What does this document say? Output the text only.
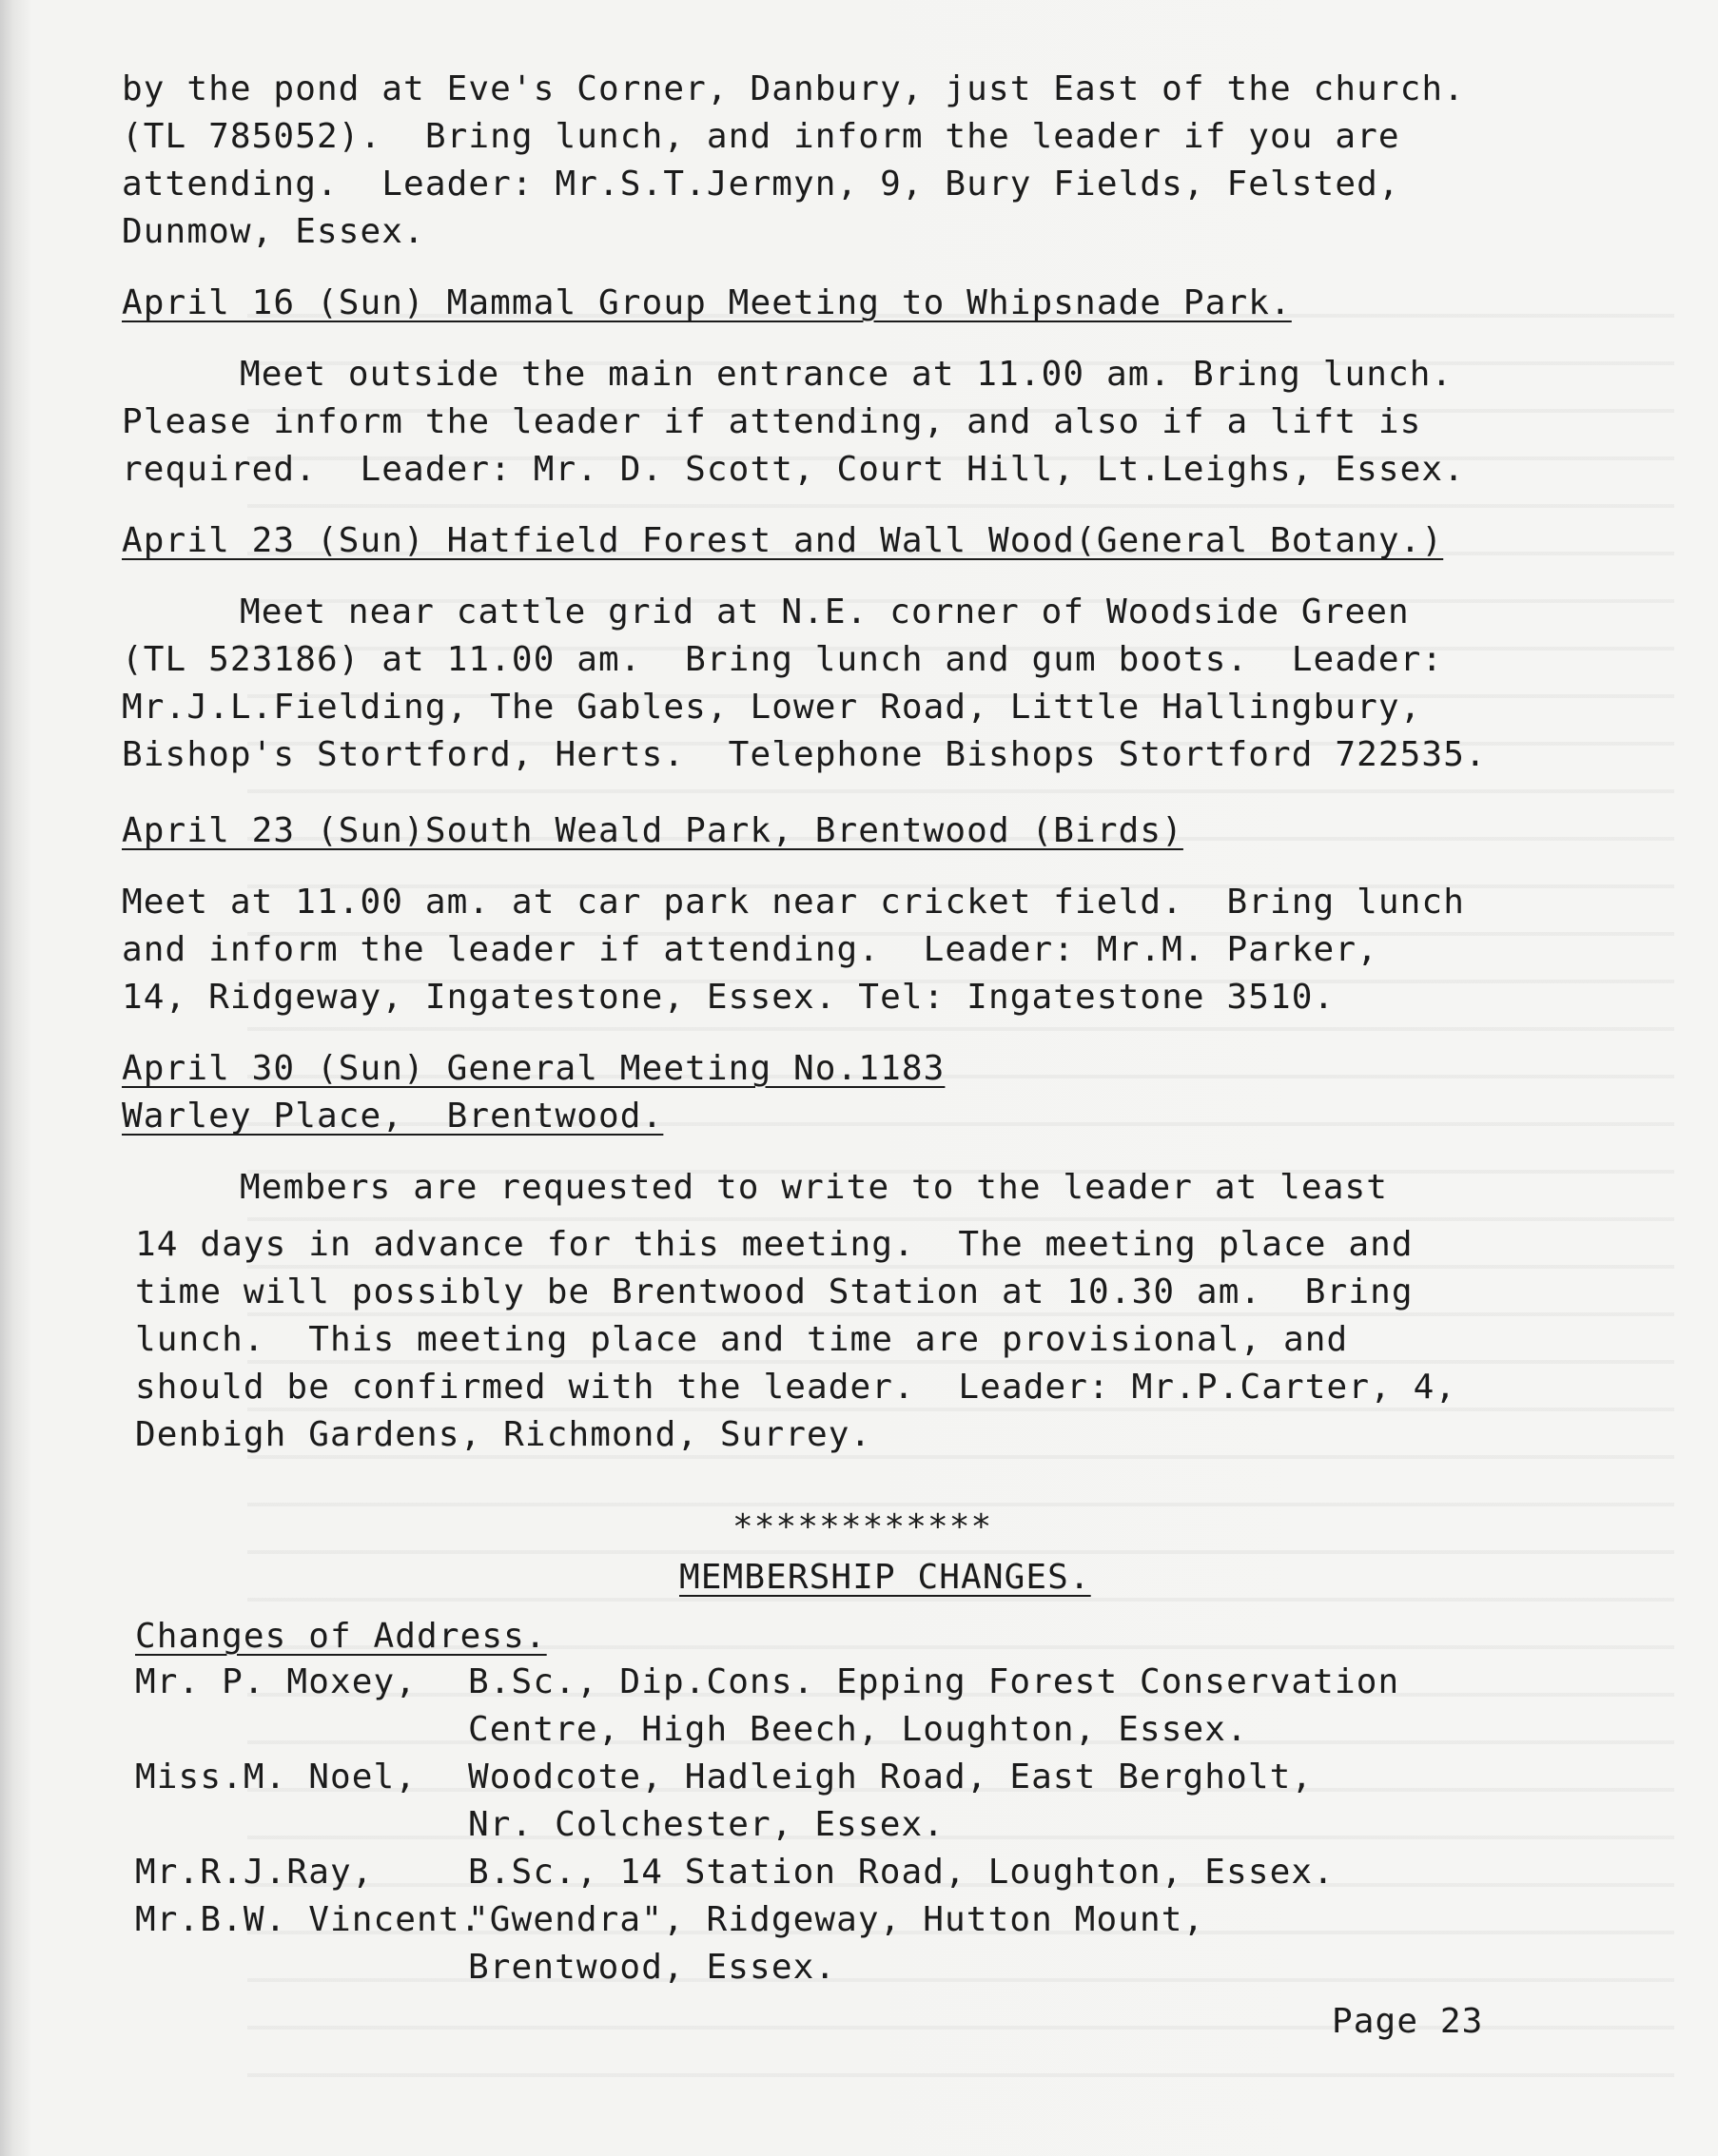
by the pond at Eve's Corner, Danbury, just East of the church.
(TL 785052).  Bring lunch, and inform the leader if you are
attending.  Leader: Mr.S.T.Jermyn, 9, Bury Fields, Felsted,
Dunmow, Essex.
April 16 (Sun) Mammal Group Meeting to Whipsnade Park.
Meet outside the main entrance at 11.00 am. Bring lunch.
Please inform the leader if attending, and also if a lift is
required.  Leader: Mr. D. Scott, Court Hill, Lt.Leighs, Essex.
April 23 (Sun) Hatfield Forest and Wall Wood(General Botany.)
Meet near cattle grid at N.E. corner of Woodside Green
(TL 523186) at 11.00 am.  Bring lunch and gum boots.  Leader:
Mr.J.L.Fielding, The Gables, Lower Road, Little Hallingbury,
Bishop's Stortford, Herts.  Telephone Bishops Stortford 722535.
April 23 (Sun)South Weald Park, Brentwood (Birds)
Meet at 11.00 am. at car park near cricket field.  Bring lunch
and inform the leader if attending.  Leader: Mr.M. Parker,
14, Ridgeway, Ingatestone, Essex. Tel: Ingatestone 3510.
April 30 (Sun) General Meeting No.1183
Warley Place,  Brentwood.
Members are requested to write to the leader at least
14 days in advance for this meeting.  The meeting place and
time will possibly be Brentwood Station at 10.30 am.  Bring
lunch.  This meeting place and time are provisional, and
should be confirmed with the leader.  Leader: Mr.P.Carter, 4,
Denbigh Gardens, Richmond, Surrey.
************
MEMBERSHIP CHANGES.
Changes of Address.
Mr. P. Moxey, B.Sc., Dip.Cons. Epping Forest Conservation
Centre, High Beech, Loughton, Essex.
Miss.M. Noel, Woodcote, Hadleigh Road, East Bergholt,
Nr. Colchester, Essex.
Mr.R.J.Ray,	B.Sc., 14 Station Road, Loughton, Essex.
Mr.B.W. Vincent.
"Gwendra", Ridgeway, Hutton Mount,
Brentwood, Essex.
Page 23
